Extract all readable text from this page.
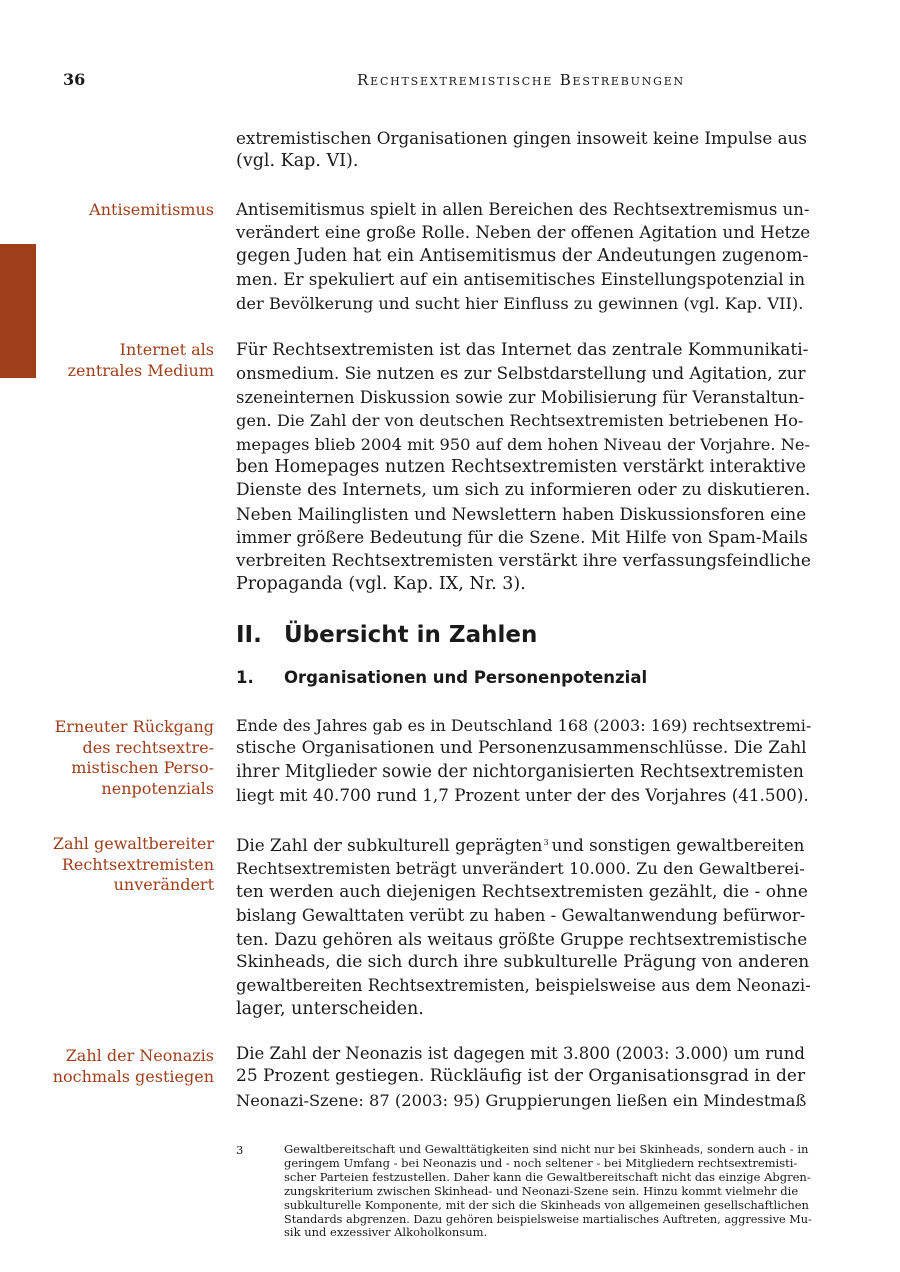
36	Rechtsextremistische Bestrebungen

extremistischen Organisationen gingen insoweit keine Impulse aus
(vgl. Kap. VI).

Antisemitismus Antisemitismus spielt in allen Bereichen des Rechtsextremismus un-
verändert eine große Rolle. Neben der offenen Agitation und Hetze
gegen Juden hat ein Antisemitismus der Andeutungen zugenom-
men. Er spekuliert auf ein antisemitisches Einstellungspotenzial in
der Bevölkerung und sucht hier Einfluss zu gewinnen (vgl. Kap. VII).

Internet als
zentrales Medium

Für Rechtsextremisten ist das Internet das zentrale Kommunikati-
onsmedium. Sie nutzen es zur Selbstdarstellung und Agitation, zur
szeneinternen Diskussion sowie zur Mobilisierung für Veranstaltun-
gen. Die Zahl der von deutschen Rechtsextremisten betriebenen Ho-
mepages blieb 2004 mit 950 auf dem hohen Niveau der Vorjahre. Ne-
ben Homepages nutzen Rechtsextremisten verstärkt interaktive
Dienste des Internets, um sich zu informieren oder zu diskutieren.
Neben Mailinglisten und Newslettern haben Diskussionsforen eine
immer größere Bedeutung für die Szene. Mit Hilfe von Spam-Mails
verbreiten Rechtsextremisten verstärkt ihre verfassungsfeindliche
Propaganda (vgl. Kap. IX, Nr. 3).

II. Übersicht in Zahlen
1. Organisationen und Personenpotenzial
Erneuter Rückgang
des rechtsextre-
mistischen Perso-
nenpotenzials

Ende des Jahres gab es in Deutschland 168 (2003: 169) rechtsextremi-
stische Organisationen und Personenzusammenschlüsse. Die Zahl
ihrer Mitglieder sowie der nichtorganisierten Rechtsextremisten
liegt mit 40.700 rund 1,7 Prozent unter der des Vorjahres (41.500).

Zahl gewaltbereiter
Rechtsextremisten
unverändert

Die Zahl der subkulturell geprägten$^3$ und sonstigen gewaltbereiten
Rechtsextremisten beträgt unverändert 10.000. Zu den Gewaltberei-
ten werden auch diejenigen Rechtsextremisten gezählt, die - ohne
bislang Gewalttaten verübt zu haben - Gewaltanwendung befürwor-
ten. Dazu gehören als weitaus größte Gruppe rechtsextremistische
Skinheads, die sich durch ihre subkulturelle Prägung von anderen
gewaltbereiten Rechtsextremisten, beispielsweise aus dem Neonazi-
lager, unterscheiden.

Zahl der Neonazis
nochmals gestiegen

Die Zahl der Neonazis ist dagegen mit 3.800 (2003: 3.000) um rund
25 Prozent gestiegen. Rückläufig ist der Organisationsgrad in der
Neonazi-Szene: 87 (2003: 95) Gruppierungen ließen ein Mindestmaß

3	Gewaltbereitschaft und Gewalttätigkeiten sind nicht nur bei Skinheads, sondern auch - in
geringem Umfang - bei Neonazis und - noch seltener - bei Mitgliedern rechtsextremisti-
scher Parteien festzustellen. Daher kann die Gewaltbereitschaft nicht das einzige Abgren-
zungskriterium zwischen Skinhead- und Neonazi-Szene sein. Hinzu kommt vielmehr die
subkulturelle Komponente, mit der sich die Skinheads von allgemeinen gesellschaftlichen
Standards abgrenzen. Dazu gehören beispielsweise martialisches Auftreten, aggressive Mu-
sik und exzessiver Alkoholkonsum.
